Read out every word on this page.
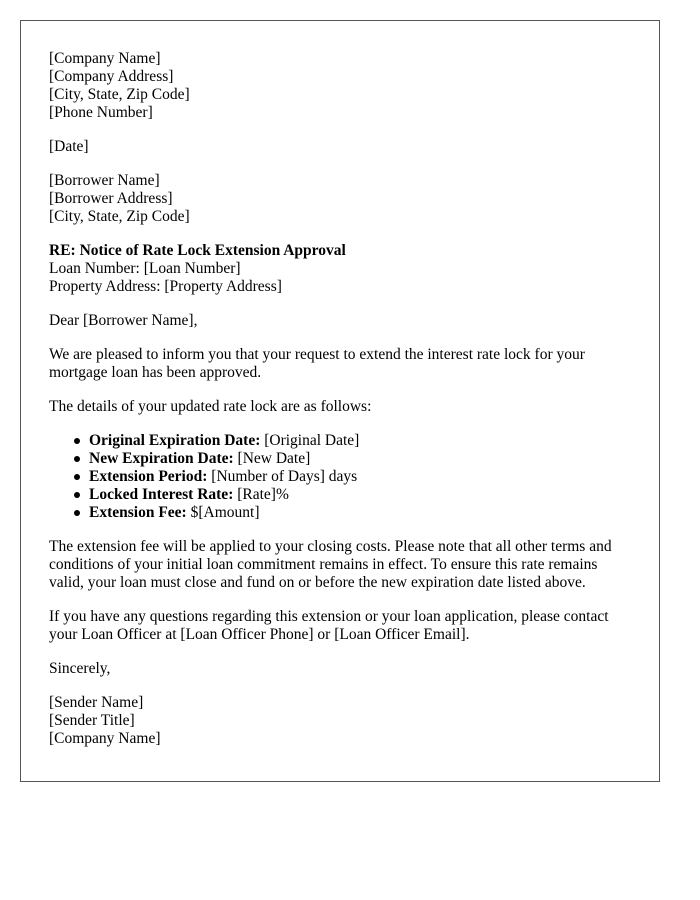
[Company Name]
[Company Address]
[City, State, Zip Code]
[Phone Number]
[Date]
[Borrower Name]
[Borrower Address]
[City, State, Zip Code]
RE: Notice of Rate Lock Extension Approval
Loan Number: [Loan Number]
Property Address: [Property Address]

Dear [Borrower Name],

We are pleased to inform you that your request to extend the interest rate lock for your mortgage loan has been approved.

The details of your updated rate lock are as follows:

Original Expiration Date: [Original Date]
New Expiration Date: [New Date]
Extension Period: [Number of Days] days
Locked Interest Rate: [Rate]%
Extension Fee: $[Amount]

The extension fee will be applied to your closing costs. Please note that all other terms and conditions of your initial loan commitment remains in effect. To ensure this rate remains valid, your loan must close and fund on or before the new expiration date listed above.

If you have any questions regarding this extension or your loan application, please contact your Loan Officer at [Loan Officer Phone] or [Loan Officer Email].

Sincerely,

[Sender Name]
[Sender Title]
[Company Name]
